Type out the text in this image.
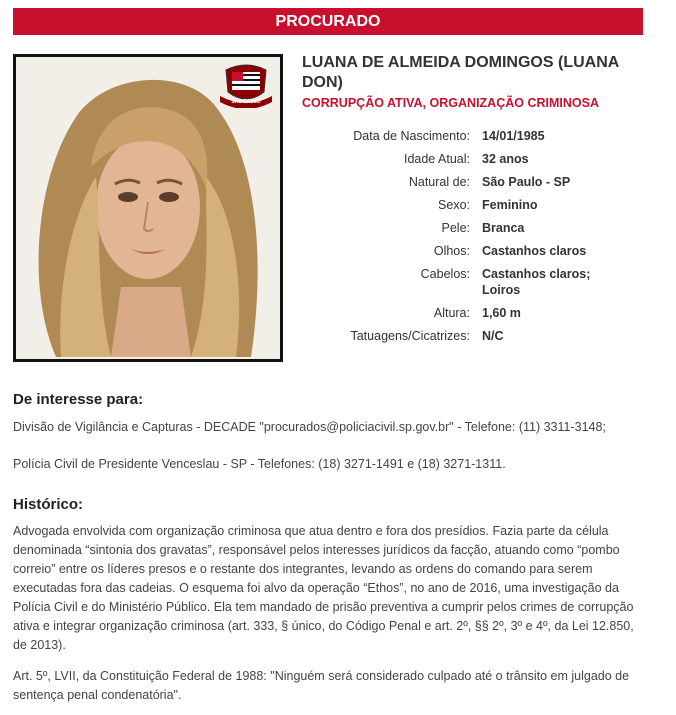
PROCURADO
SÃO PAULO
LUANA DE ALMEIDA DOMINGOS (LUANA DON)
CORRUPÇÃO ATIVA, ORGANIZAÇÃO CRIMINOSA
Data de Nascimento: 14/01/1985
Idade Atual: 32 anos
Natural de: São Paulo - SP
Sexo: Feminino
Pele: Branca
Olhos: Castanhos claros
Cabelos: Castanhos claros; Loiros
Altura: 1,60 m
Tatuagens/Cicatrizes: N/C
De interesse para:

Divisão de Vigilância e Capturas - DECADE "procurados@policiacivil.sp.gov.br" - Telefone: (11) 3311-3148;

Polícia Civil de Presidente Venceslau - SP - Telefones: (18) 3271-1491 e (18) 3271-1311.

Histórico:

Advogada envolvida com organização criminosa que atua dentro e fora dos presídios. Fazia parte da célula denominada “sintonia dos gravatas”, responsável pelos interesses jurídicos da facção, atuando como “pombo correio” entre os líderes presos e o restante dos integrantes, levando as ordens do comando para serem executadas fora das cadeias. O esquema foi alvo da operação “Ethos”, no ano de 2016, uma investigação da Polícia Civil e do Ministério Público. Ela tem mandado de prisão preventiva a cumprir pelos crimes de corrupção ativa e integrar organização criminosa (art. 333, § único, do Código Penal e art. 2º, §§ 2º, 3º e 4º, da Lei 12.850, de 2013).

Art. 5º, LVII, da Constituição Federal de 1988: "Ninguém será considerado culpado até o trânsito em julgado de sentença penal condenatória".
